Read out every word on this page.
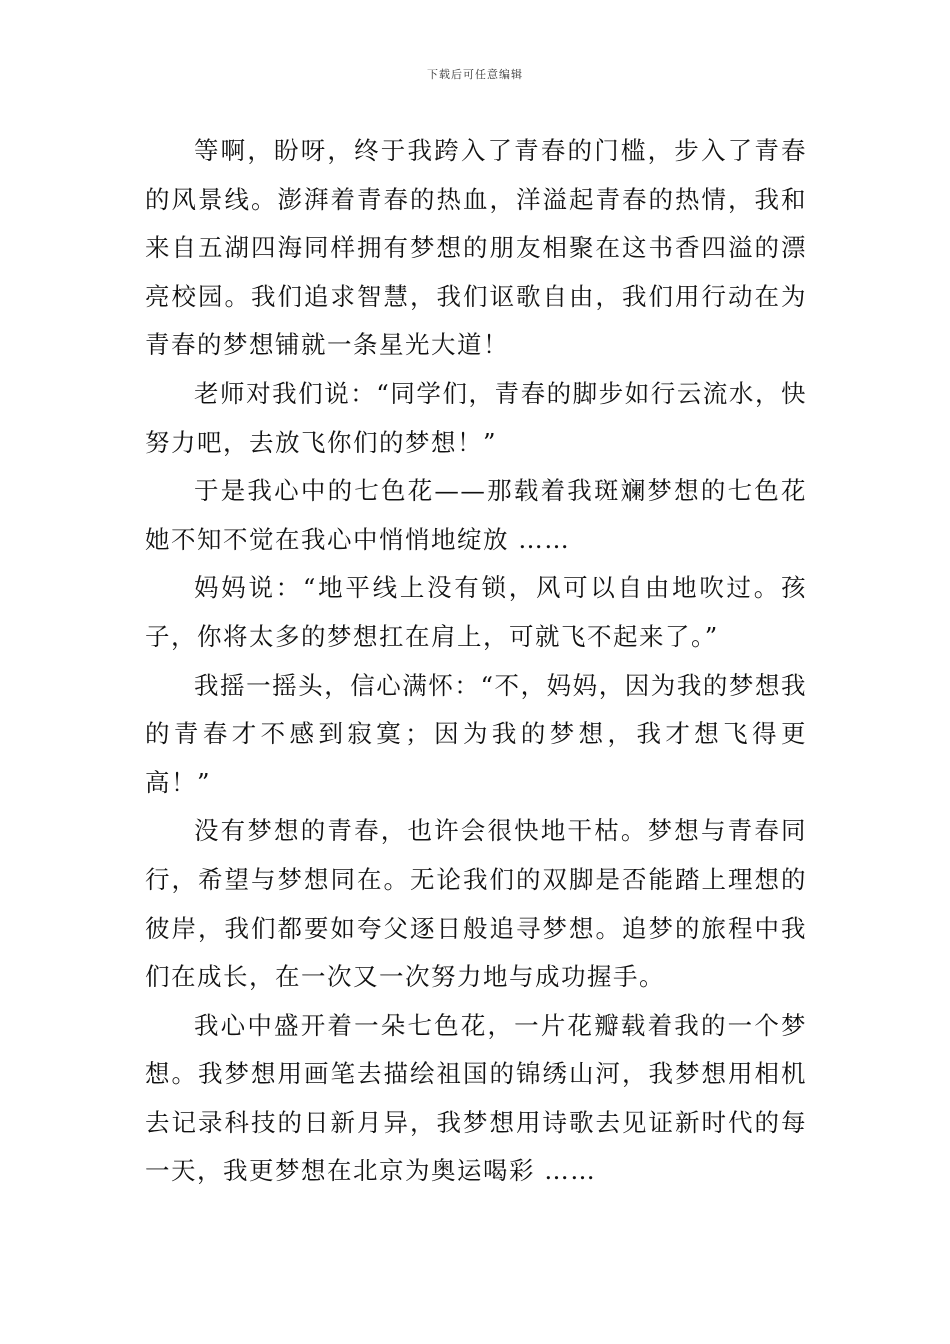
下载后可任意编辑

等啊，盼呀，终于我跨入了青春的门槛，步入了青春的风景线。澎湃着青春的热血，洋溢起青春的热情，我和来自五湖四海同样拥有梦想的朋友相聚在这书香四溢的漂亮校园。我们追求智慧，我们讴歌自由，我们用行动在为青春的梦想铺就一条星光大道！

老师对我们说：“同学们，青春的脚步如行云流水，快努力吧，去放飞你们的梦想！”

于是我心中的七色花——那载着我斑斓梦想的七色花她不知不觉在我心中悄悄地绽放 ……

妈妈说：“地平线上没有锁，风可以自由地吹过。孩子，你将太多的梦想扛在肩上，可就飞不起来了。”

我摇一摇头，信心满怀：“不，妈妈，因为我的梦想我的青春才不感到寂寞；因为我的梦想，我才想飞得更高！”

没有梦想的青春，也许会很快地干枯。梦想与青春同行，希望与梦想同在。无论我们的双脚是否能踏上理想的彼岸，我们都要如夸父逐日般追寻梦想。追梦的旅程中我们在成长，在一次又一次努力地与成功握手。

我心中盛开着一朵七色花，一片花瓣载着我的一个梦想。我梦想用画笔去描绘祖国的锦绣山河，我梦想用相机去记录科技的日新月异，我梦想用诗歌去见证新时代的每一天，我更梦想在北京为奥运喝彩 ……
